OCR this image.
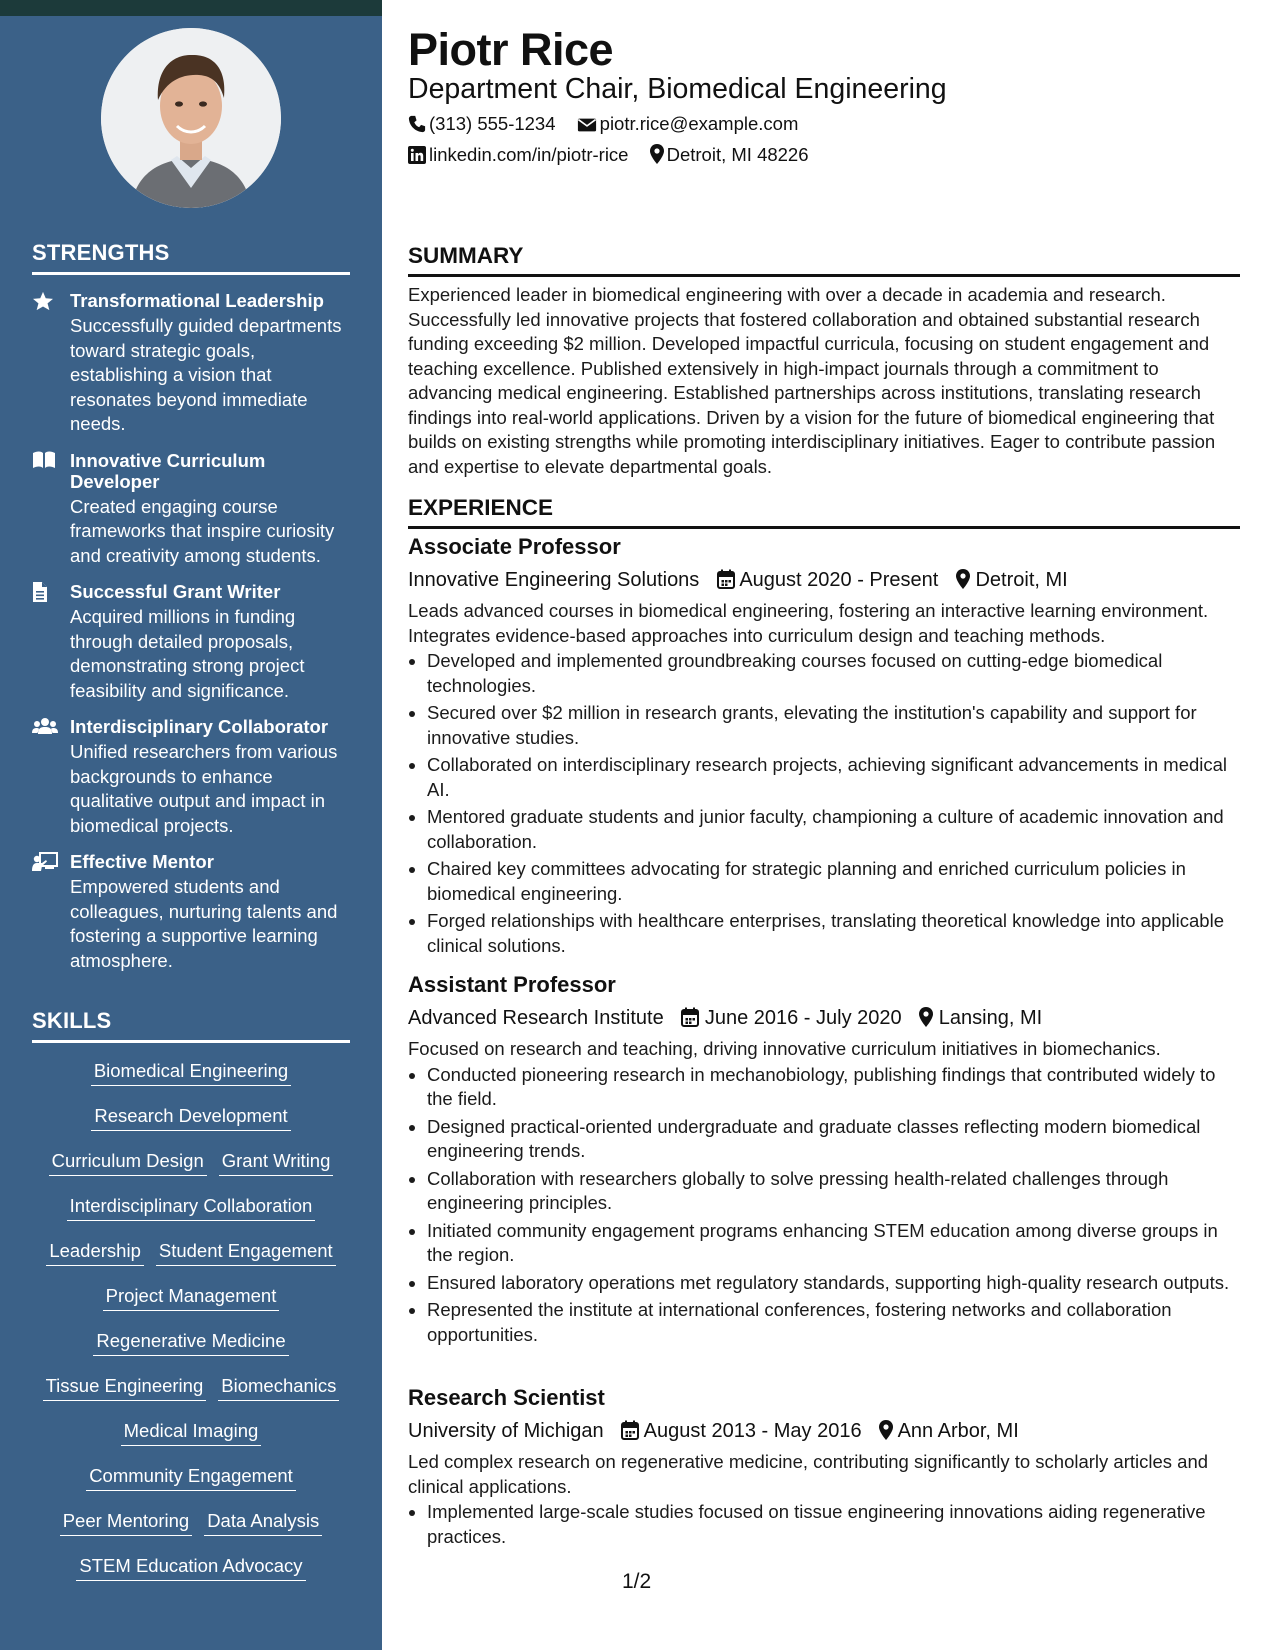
STRENGTHS
Transformational Leadership
Successfully guided departments toward strategic goals, establishing a vision that resonates beyond immediate needs.
Innovative Curriculum Developer
Created engaging course frameworks that inspire curiosity and creativity among students.
Successful Grant Writer
Acquired millions in funding through detailed proposals, demonstrating strong project feasibility and significance.
Interdisciplinary Collaborator
Unified researchers from various backgrounds to enhance qualitative output and impact in biomedical projects.
Effective Mentor
Empowered students and colleagues, nurturing talents and fostering a supportive learning atmosphere.
SKILLS
Biomedical Engineering
Research Development
Curriculum Design Grant Writing
Interdisciplinary Collaboration
Leadership Student Engagement
Project Management
Regenerative Medicine
Tissue Engineering Biomechanics
Medical Imaging
Community Engagement
Peer Mentoring Data Analysis
STEM Education Advocacy
Piotr Rice
Department Chair, Biomedical Engineering
(313) 555-1234 piotr.rice@example.com
linkedin.com/in/piotr-rice Detroit, MI 48226
SUMMARY
Experienced leader in biomedical engineering with over a decade in academia and research. Successfully led innovative projects that fostered collaboration and obtained substantial research funding exceeding $2 million. Developed impactful curricula, focusing on student engagement and teaching excellence. Published extensively in high-impact journals through a commitment to advancing medical engineering. Established partnerships across institutions, translating research findings into real-world applications. Driven by a vision for the future of biomedical engineering that builds on existing strengths while promoting interdisciplinary initiatives. Eager to contribute passion and expertise to elevate departmental goals.
EXPERIENCE
Associate Professor
Innovative Engineering Solutions August 2020 - Present Detroit, MI
Leads advanced courses in biomedical engineering, fostering an interactive learning environment. Integrates evidence-based approaches into curriculum design and teaching methods.
• Developed and implemented groundbreaking courses focused on cutting-edge biomedical technologies.
• Secured over $2 million in research grants, elevating the institution's capability and support for innovative studies.
• Collaborated on interdisciplinary research projects, achieving significant advancements in medical AI.
• Mentored graduate students and junior faculty, championing a culture of academic innovation and collaboration.
• Chaired key committees advocating for strategic planning and enriched curriculum policies in biomedical engineering.
• Forged relationships with healthcare enterprises, translating theoretical knowledge into applicable clinical solutions.
Assistant Professor
Advanced Research Institute June 2016 - July 2020 Lansing, MI
Focused on research and teaching, driving innovative curriculum initiatives in biomechanics.
• Conducted pioneering research in mechanobiology, publishing findings that contributed widely to the field.
• Designed practical-oriented undergraduate and graduate classes reflecting modern biomedical engineering trends.
• Collaboration with researchers globally to solve pressing health-related challenges through engineering principles.
• Initiated community engagement programs enhancing STEM education among diverse groups in the region.
• Ensured laboratory operations met regulatory standards, supporting high-quality research outputs.
• Represented the institute at international conferences, fostering networks and collaboration opportunities.
Research Scientist
University of Michigan August 2013 - May 2016 Ann Arbor, MI
Led complex research on regenerative medicine, contributing significantly to scholarly articles and clinical applications.
• Implemented large-scale studies focused on tissue engineering innovations aiding regenerative practices.
1/2
